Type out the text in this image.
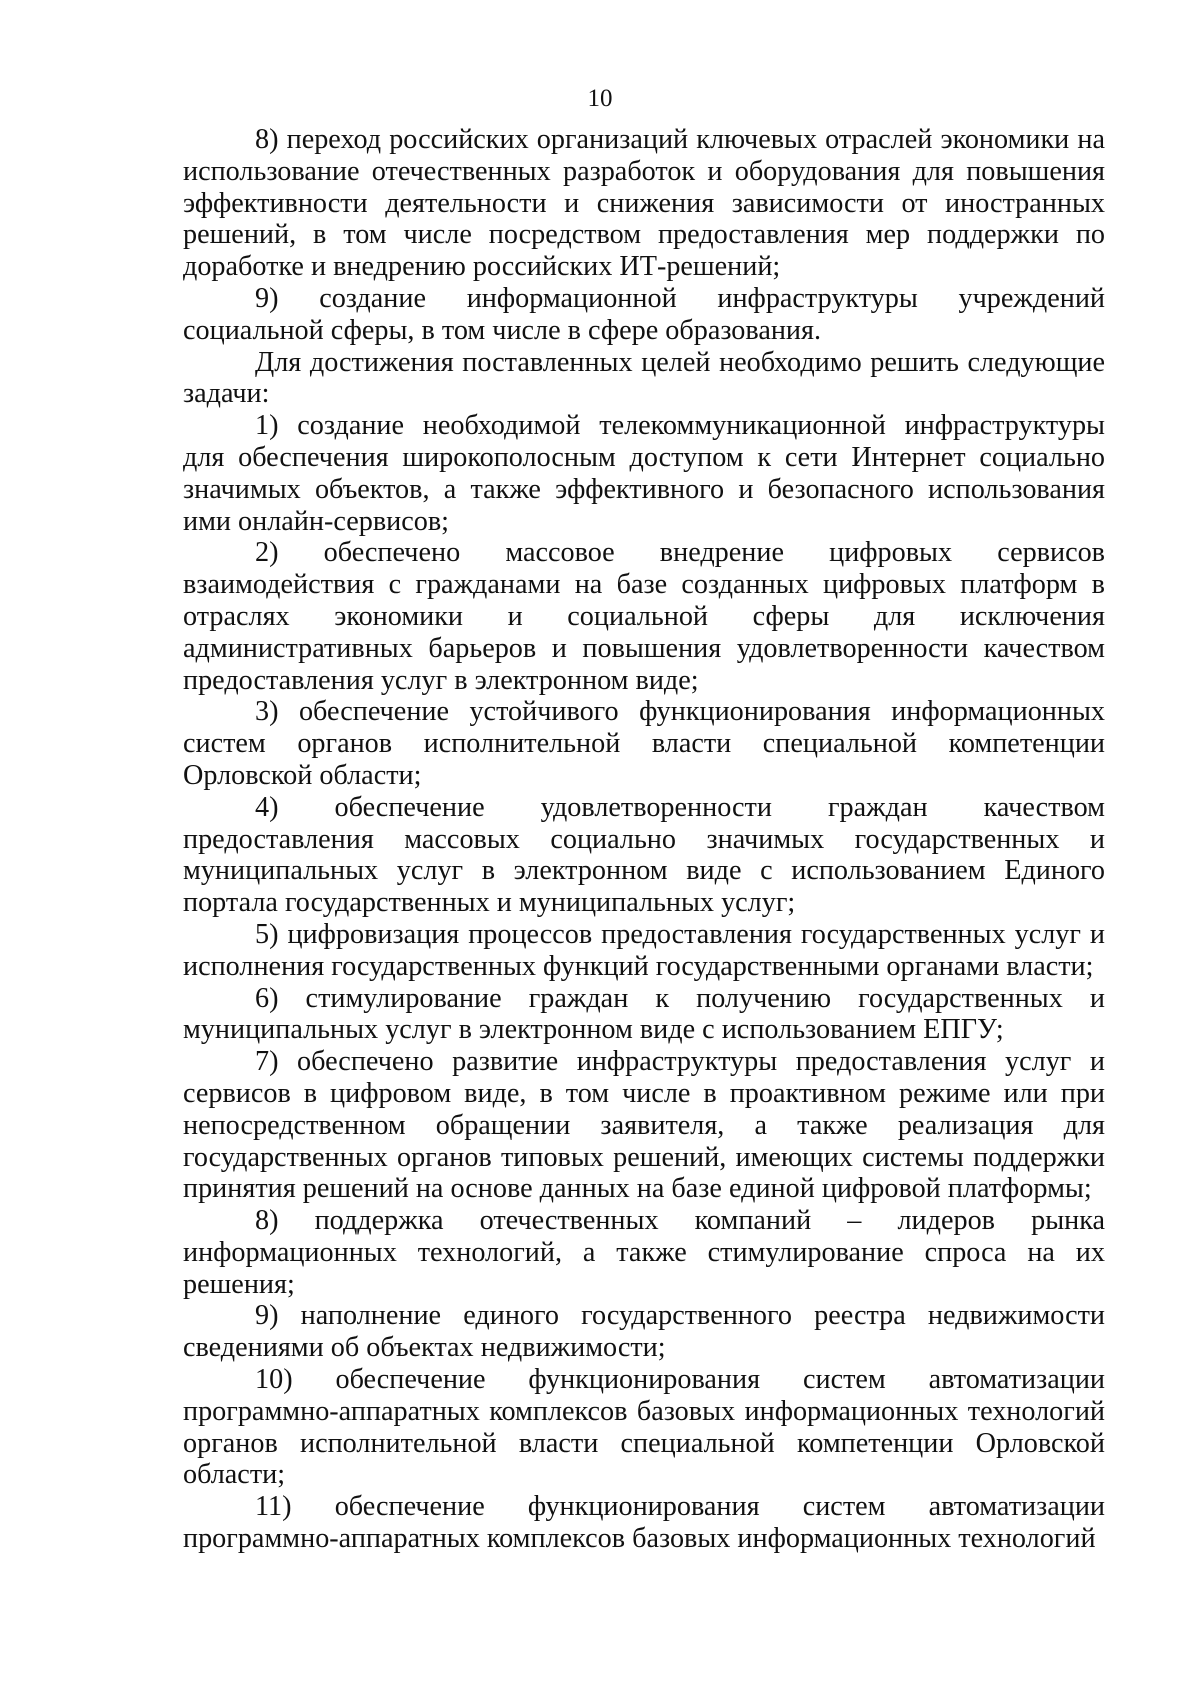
10

8) переход российских организаций ключевых отраслей экономики на использование отечественных разработок и оборудования для повышения эффективности деятельности и снижения зависимости от иностранных решений, в том числе посредством предоставления мер поддержки по доработке и внедрению российских ИТ-решений;

9) создание информационной инфраструктуры учреждений социальной сферы, в том числе в сфере образования.

Для достижения поставленных целей необходимо решить следующие задачи:

1) создание необходимой телекоммуникационной инфраструктуры для обеспечения широкополосным доступом к сети Интернет социально значимых объектов, а также эффективного и безопасного использования ими онлайн-сервисов;

2) обеспечено массовое внедрение цифровых сервисов взаимодействия с гражданами на базе созданных цифровых платформ в отраслях экономики и социальной сферы для исключения административных барьеров и повышения удовлетворенности качеством предоставления услуг в электронном виде;

3) обеспечение устойчивого функционирования информационных систем органов исполнительной власти специальной компетенции Орловской области;

4) обеспечение удовлетворенности граждан качеством предоставления массовых социально значимых государственных и муниципальных услуг в электронном виде с использованием Единого портала государственных и муниципальных услуг;

5) цифровизация процессов предоставления государственных услуг и исполнения государственных функций государственными органами власти;

6) стимулирование граждан к получению государственных и муниципальных услуг в электронном виде с использованием ЕПГУ;

7) обеспечено развитие инфраструктуры предоставления услуг и сервисов в цифровом виде, в том числе в проактивном режиме или при непосредственном обращении заявителя, а также реализация для государственных органов типовых решений, имеющих системы поддержки принятия решений на основе данных на базе единой цифровой платформы;

8) поддержка отечественных компаний – лидеров рынка информационных технологий, а также стимулирование спроса на их решения;

9) наполнение единого государственного реестра недвижимости сведениями об объектах недвижимости;

10) обеспечение функционирования систем автоматизации программно-аппаратных комплексов базовых информационных технологий органов исполнительной власти специальной компетенции Орловской области;

11) обеспечение функционирования систем автоматизации программно-аппаратных комплексов базовых информационных технологий
